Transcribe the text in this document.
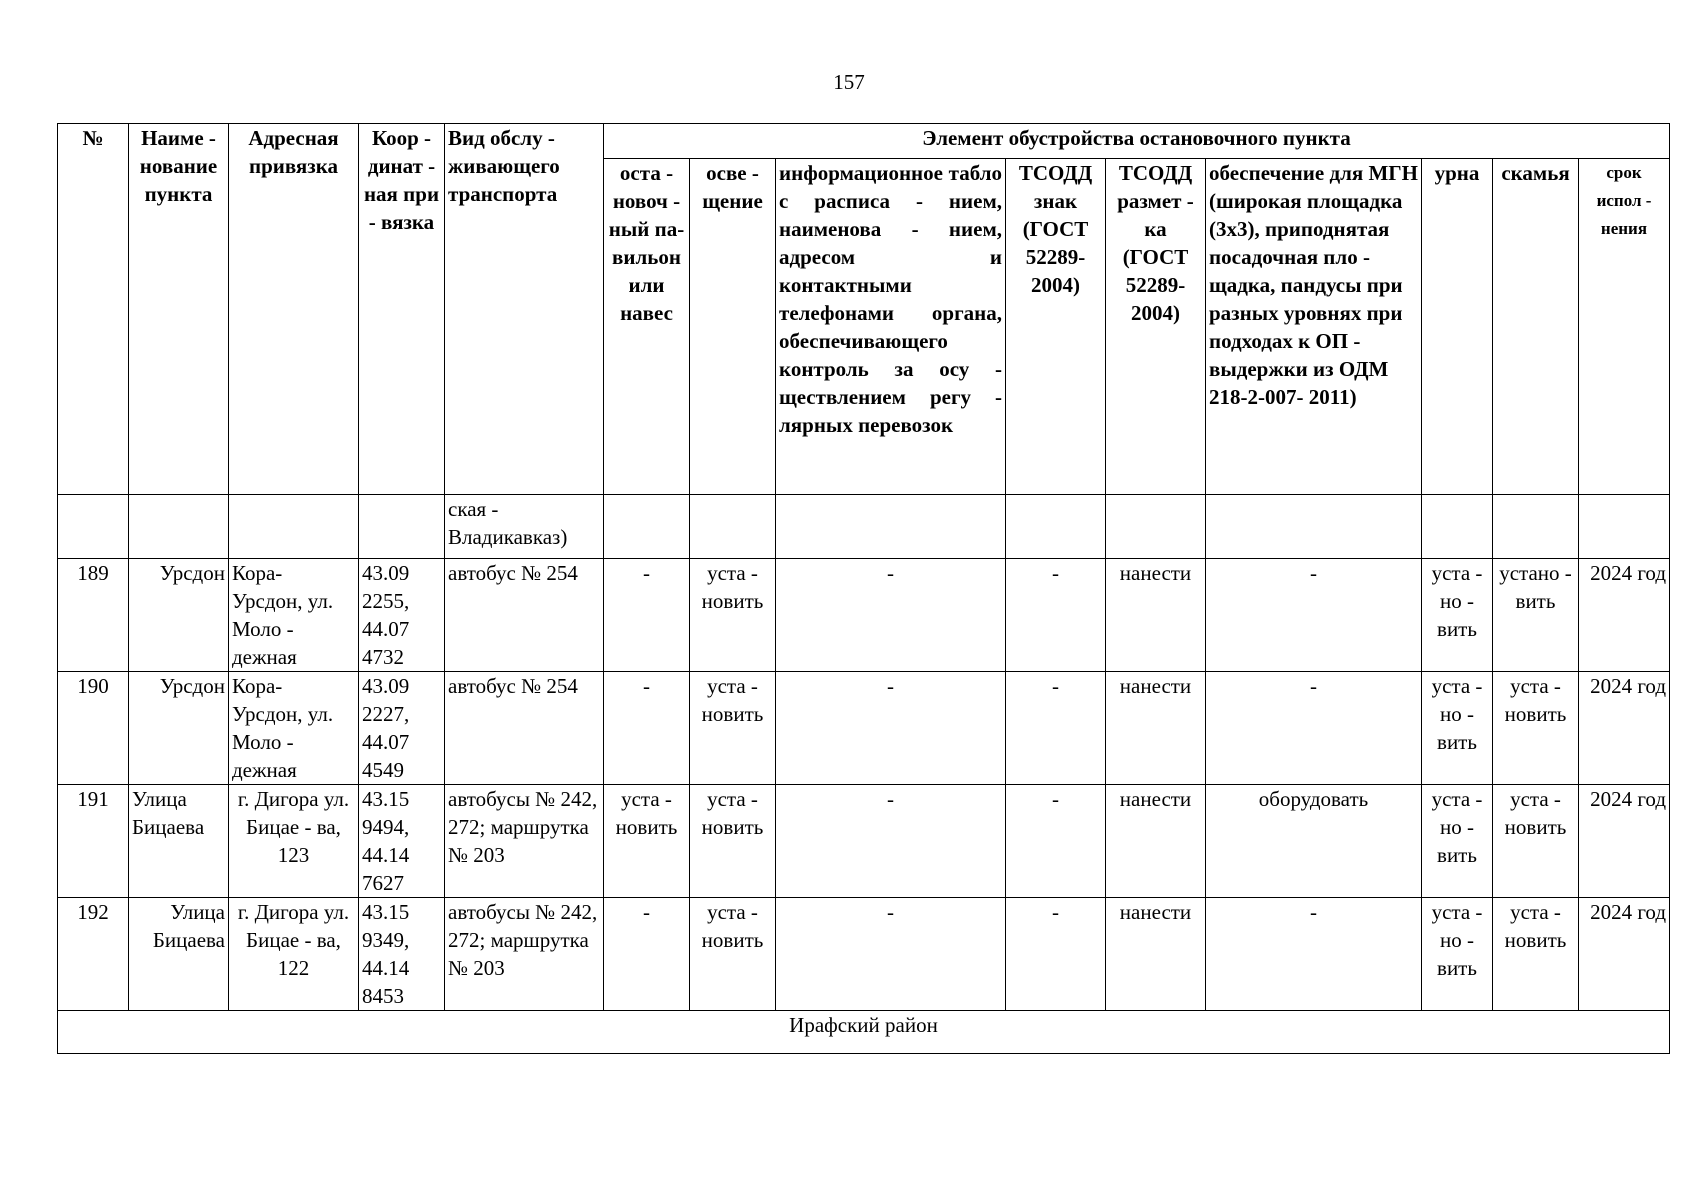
157
№	Наиме - нование пункта	Адресная привязка	Коор - динат - ная при - вязка	Вид обслу - живающего транспорта	Элемент обустройства остановочного пункта								
					оста - новоч - ный па- вильон или навес	осве - щение	информационное табло с расписа - нием, наименова - нием, адресом и контактными телефонами органа, обеспечивающего контроль за осу - ществлением регу - лярных перевозок	ТСОДД знак (ГОСТ 52289- 2004)	ТСОДД размет - ка (ГОСТ 52289- 2004)	обеспечение для МГН (широкая площадка (3х3), приподнятая посадочная пло - щадка, пандусы при разных уровнях при подходах к ОП - выдержки из ОДМ 218-2-007- 2011)	урна	скамья	срок испол - нения
				ская - Владикавказ)									
189	Урсдон	Кора- Урсдон, ул. Моло - дежная	43.09 2255, 44.07 4732	автобус № 254	-	уста - новить	-	-	нанести	-	уста - но - вить	устано - вить	2024 год
190	Урсдон	Кора- Урсдон, ул. Моло - дежная	43.09 2227, 44.07 4549	автобус № 254	-	уста - новить	-	-	нанести	-	уста - но - вить	уста - новить	2024 год
191	Улица Бицаева	г. Дигора ул. Бицае - ва, 123	43.15 9494, 44.14 7627	автобусы № 242, 272; маршрутка № 203	уста - новить	уста - новить	-	-	нанести	оборудовать	уста - но - вить	уста - новить	2024 год
192	Улица Бицаева	г. Дигора ул. Бицае - ва, 122	43.15 9349, 44.14 8453	автобусы № 242, 272; маршрутка № 203	-	уста - новить	-	-	нанести	-	уста - но - вить	уста - новить	2024 год
Ирафский район													
